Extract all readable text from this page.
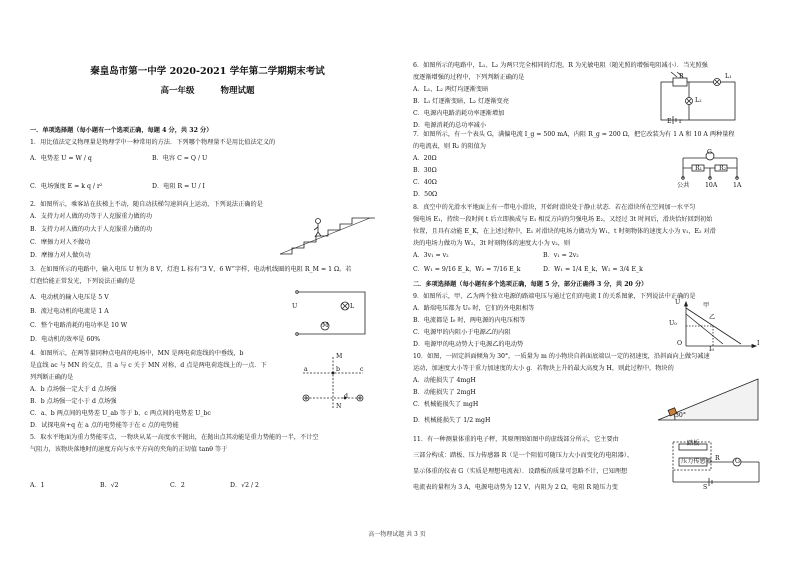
秦皇岛市第一中学 2020-2021 学年第二学期期末考试
高一年级	物理试题
一．单项选择题（每小题有一个选项正确，每题 4 分，共 32 分）
1．用比值法定义物理量是物理学中一种常用的方法．下列哪个物理量不是用比值法定义的
A．电势差 U = W / q	B．电容 C = Q / U
C．电场强度 E = k q / r²	D．电阻 R = U / I
2．如图所示，乘客站在扶梯上不动，随自动扶梯匀速斜向上运动，下列说法正确的是
A．支持力对人做的功等于人克服重力做的功
B．支持力对人做的功大于人克服重力做的功
C．摩擦力对人不做功
D．摩擦力对人做负功
3．在如图所示的电路中，输入电压 U 恒为 8 V，灯泡 L 标有“3 V，6 W”字样，电动机线圈的电阻 R_M = 1 Ω。若
灯泡恰能正常发光，下列说法正确的是
A．电动机的输入电压是 5 V
B．流过电动机的电流是 1 A
C．整个电路消耗的电功率是 10 W
D．电动机的效率是 60%
U	L
M
4．如图所示，在两等量同种点电荷的电场中，MN 是两电荷连线的中垂线，b
是直线 ac 与 MN 的交点，且 a 与 c 关于 MN 对称，d 点是两电荷连线上的一点．下
列判断正确的是
A．b 点场强一定大于 d 点场强
B．b 点场强一定小于 d 点场强
C．a、b 两点间的电势差 U_ab 等于 b、c 两点间的电势差 U_bc
D．试探电荷+q 在 a 点的电势能等于在 c 点的电势能
M
N
a	b	c
d
5．取水平地面为重力势能零点，一物块从某一高度水平抛出，在抛出点其动能是重力势能的一半，不计空
气阻力，该物块落地时的速度方向与水平方向的夹角的正切值 tanθ 等于
A．1	B．√2	C．2	D．√2 / 2
6．如图所示的电路中，L₁、L₂ 为两只完全相同的灯泡，R 为光敏电阻（随光照的增强电阻减小）．当光照强
度逐渐增强的过程中，下列判断正确的是
A．L₁、L₂ 两灯均逐渐变暗
B．L₁ 灯逐渐变暗，L₂ 灯逐渐变亮
C．电源内电路消耗功率逐渐增加
D．电源消耗的总功率减小
R	L₁
L₂
E r
7．如图所示，有一个表头 G，满偏电流 I_g = 500 mA，内阻 R_g = 200 Ω，把它改装为有 1 A 和 10 A 两种量程
的电流表，则 R₂ 的阻值为
A．20Ω
B．30Ω
C．40Ω
D．50Ω
G
R₁	R₂
公共	10A	1A
8．真空中的光滑水平地面上有一带电小滑块，开始时滑块处于静止状态．若在滑块所在空间加一水平匀
强电场 E₁，持续一段时间 t 后立即换成与 E₁ 相反方向的匀强电场 E₂，又经过 3t 时间后，滑块恰好回到初始
位置，且具有动能 E_K，在上述过程中，E₁ 对滑块的电场力做功为 W₁，t 时刻物体的速度大小为 v₁，E₂ 对滑
块的电场力做功为 W₂，3t 时刻物体的速度大小为 v₂，则
A．3v₁ = v₂	B．v₁ = 2v₂
C．W₁ = 9/16 E_k，W₂ = 7/16 E_k	D．W₁ = 1/4 E_k，W₂ = 3/4 E_k
二．多项选择题（每小题有多个选项正确，每题 5 分，部分正确得 3 分，共 20 分）
9．如图所示，甲、乙为两个独立电源的路端电压与通过它们的电流 I 的关系图象，下列说法中正确的是
A．路端电压都为 U₀ 时，它们的外电阻相等
B．电流都是 I₀ 时，两电源的内电压相等
C．电源甲的内阻小于电源乙的内阻
D．电源甲的电动势大于电源乙的电动势
U
I
O
U₀
I₀
甲
乙
10．如图，一固定斜面倾角为 30°，一质量为 m 的小物块自斜面底端以一定的初速度，沿斜面向上做匀减速
运动，加速度大小等于重力加速度的大小 g．若物块上升的最大高度为 H，则此过程中，物块的
A．动能损失了 4mgH
B．动能损失了 2mgH
C．机械能损失了 mgH
D．机械能损失了 1/2 mgH
30°
11．有一种测量体重的电子秤，其原理图如图中的虚线部分所示，它主要由
三部分构成：踏板、压力传感器 R（是一个阻值可随压力大小而变化的电阻器）、
显示体重的仪表 G（实质是理想电流表）．设踏板的质量可忽略不计，已知理想
电流表的量程为 3 A，电源电动势为 12 V，内阻为 2 Ω，电阻 R 随压力变
踏板
压力传感器 R G
S
高一物理试题 共 3 页
